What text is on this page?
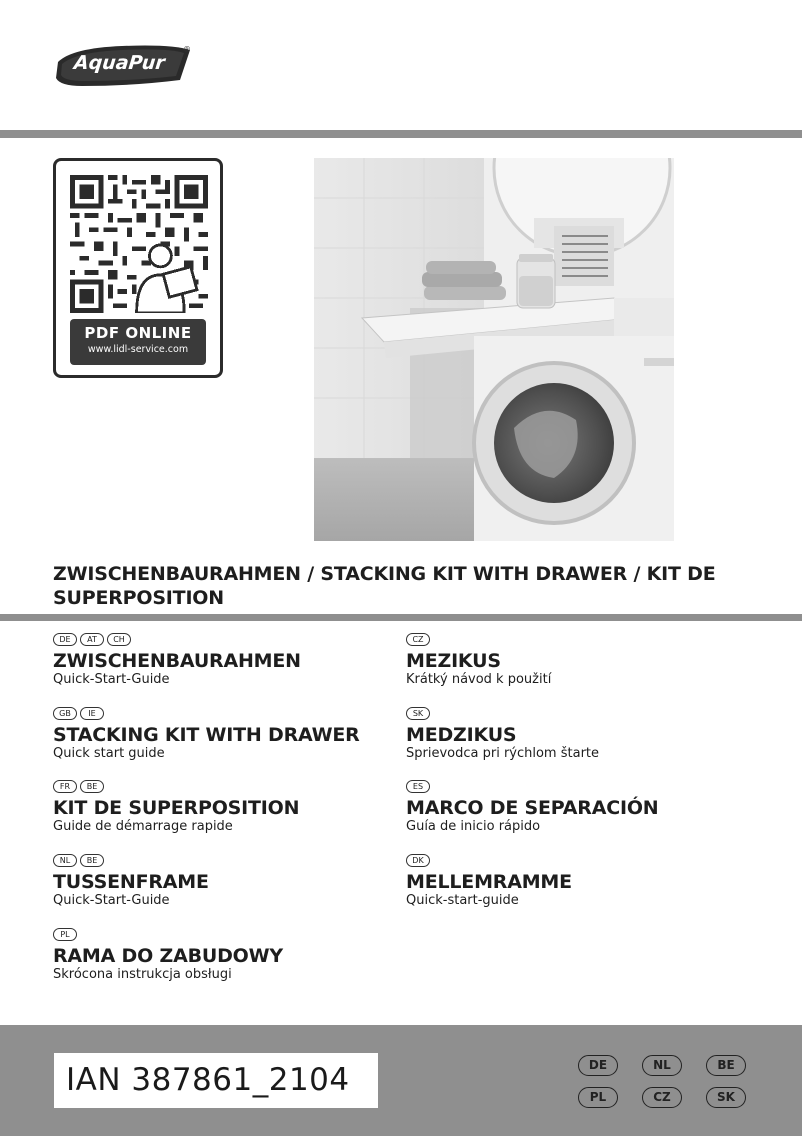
AquaPur
®
PDF ONLINE
www.lidl-service.com
ZWISCHENBAURAHMEN / STACKING KIT WITH DRAWER / KIT DE SUPERPOSITION
DE	AT	CH
ZWISCHENBAURAHMEN
Quick-Start-Guide
GB	IE
STACKING KIT WITH DRAWER
Quick start guide
FR	BE
KIT DE SUPERPOSITION
Guide de démarrage rapide
NL	BE
TUSSENFRAME
Quick-Start-Guide
PL
RAMA DO ZABUDOWY
Skrócona instrukcja obsługi
CZ
MEZIKUS
Krátký návod k použití
SK
MEDZIKUS
Sprievodca pri rýchlom štarte
ES
MARCO DE SEPARACIÓN
Guía de inicio rápido
DK
MELLEMRAMME
Quick-start-guide
IAN 387861_2104	DE	NL	BE
PL	CZ	SK
